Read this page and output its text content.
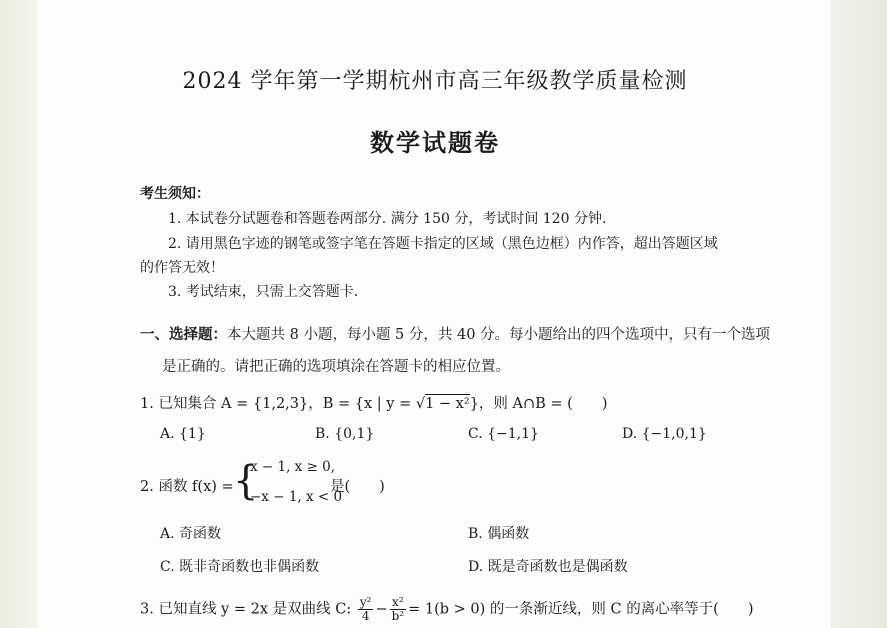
2024 学年第一学期杭州市高三年级教学质量检测
数学试题卷
考生须知：
1. 本试卷分试题卷和答题卷两部分. 满分 150 分，考试时间 120 分钟.
2. 请用黑色字迹的钢笔或签字笔在答题卡指定的区域（黑色边框）内作答，超出答题区域
的作答无效！
3. 考试结束，只需上交答题卡.
一、选择题：本大题共 8 小题，每小题 5 分，共 40 分。每小题给出的四个选项中，只有一个选项
是正确的。请把正确的选项填涂在答题卡的相应位置。
1. 已知集合 A = {1,2,3}，B = {x | y = √1 − x²}，则 A∩B = (　　)
A. {1}	B. {0,1}	C. {−1,1}	D. {−1,0,1}
2. 函数 f(x) = {
x − 1, x ≥ 0,
−x − 1, x < 0
是(　　)
A. 奇函数	B. 偶函数
C. 既非奇函数也非偶函数	D. 既是奇函数也是偶函数
3. 已知直线 y = 2x 是双曲线 C: $\frac{\text{y²}}{4} - \frac{\text{x²}}{\text{b²}} = 1(b > 0)$ 的一条渐近线，则 C 的离心率等于(　　)
